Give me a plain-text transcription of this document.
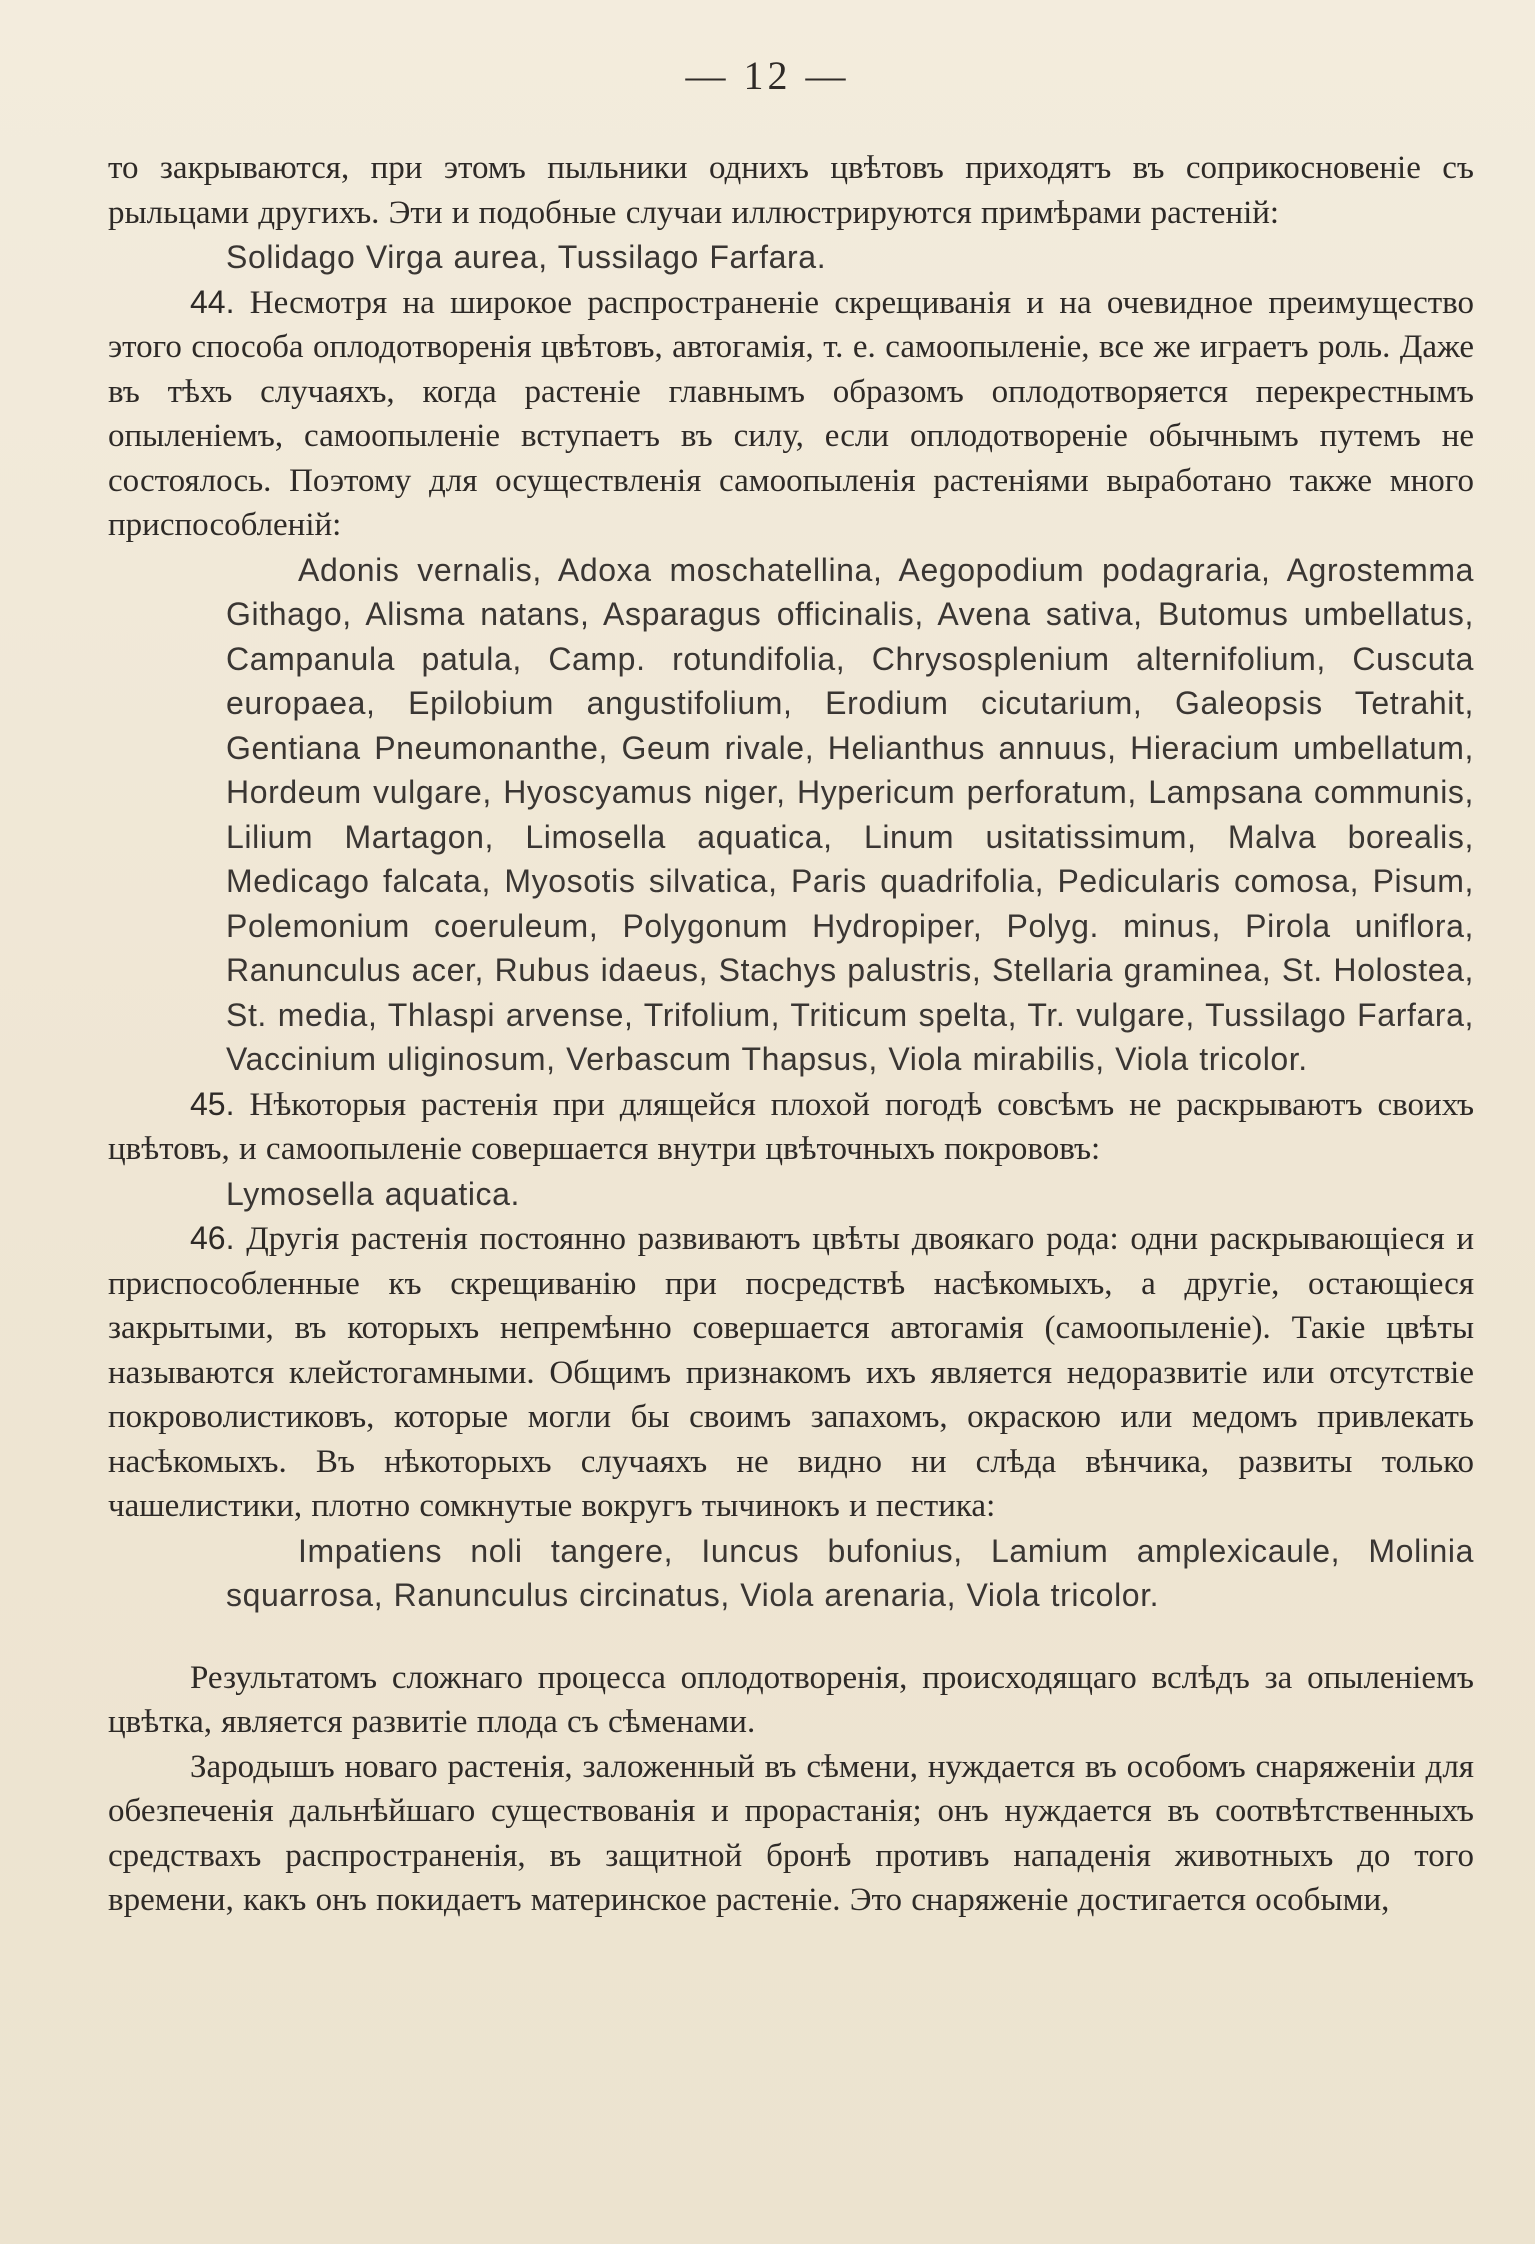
— 12 —

то закрываются, при этомъ пыльники однихъ цвѣтовъ приходятъ въ соприкосновеніе съ рыльцами другихъ. Эти и подобные случаи иллюстрируются примѣрами растеній:

Solidago Virga aurea, Tussilago Farfara.

44. Несмотря на широкое распространеніе скрещиванія и на очевидное преимущество этого способа оплодотворенія цвѣтовъ, автогамія, т. е. самоопыленіе, все же играетъ роль. Даже въ тѣхъ случаяхъ, когда растеніе главнымъ образомъ оплодотворяется перекрестнымъ опыленіемъ, самоопыленіе вступаетъ въ силу, если оплодотвореніе обычнымъ путемъ не состоялось. Поэтому для осуществленія самоопыленія растеніями выработано также много приспособленій:

Adonis vernalis, Adoxa moschatellina, Aegopodium podagraria, Agrostemma Githago, Alisma natans, Asparagus officinalis, Avena sativa, Butomus umbellatus, Campanula patula, Camp. rotundifolia, Chrysosplenium alternifolium, Cuscuta europaea, Epilobium angustifolium, Erodium cicutarium, Galeopsis Tetrahit, Gentiana Pneumonanthe, Geum rivale, Helianthus annuus, Hieracium umbellatum, Hordeum vulgare, Hyoscyamus niger, Hypericum perforatum, Lampsana communis, Lilium Martagon, Limosella aquatica, Linum usitatissimum, Malva borealis, Medicago falcata, Myosotis silvatica, Paris quadrifolia, Pedicularis comosa, Pisum, Polemonium coeruleum, Polygonum Hydropiper, Polyg. minus, Pirola uniflora, Ranunculus acer, Rubus idaeus, Stachys palustris, Stellaria graminea, St. Holostea, St. media, Thlaspi arvense, Trifolium, Triticum spelta, Tr. vulgare, Tussilago Farfara, Vaccinium uliginosum, Verbascum Thapsus, Viola mirabilis, Viola tricolor.

45. Нѣкоторыя растенія при длящейся плохой погодѣ совсѣмъ не раскрываютъ своихъ цвѣтовъ, и самоопыленіе совершается внутри цвѣточныхъ покрововъ:

Lymosella aquatica.

46. Другія растенія постоянно развиваютъ цвѣты двоякаго рода: одни раскрывающіеся и приспособленные къ скрещиванію при посредствѣ насѣкомыхъ, а другіе, остающіеся закрытыми, въ которыхъ непремѣнно совершается автогамія (самоопыленіе). Такіе цвѣты называются клейстогамными. Общимъ признакомъ ихъ является недоразвитіе или отсутствіе покроволистиковъ, которые могли бы своимъ запахомъ, окраскою или медомъ привлекать насѣкомыхъ. Въ нѣкоторыхъ случаяхъ не видно ни слѣда вѣнчика, развиты только чашелистики, плотно сомкнутые вокругъ тычинокъ и пестика:

Impatiens noli tangere, Iuncus bufonius, Lamium amplexicaule, Molinia squarrosa, Ranunculus circinatus, Viola arenaria, Viola tricolor.

Результатомъ сложнаго процесса оплодотворенія, происходящаго вслѣдъ за опыленіемъ цвѣтка, является развитіе плода съ сѣменами.

Зародышъ новаго растенія, заложенный въ сѣмени, нуждается въ особомъ снаряженіи для обезпеченія дальнѣйшаго существованія и прорастанія; онъ нуждается въ соотвѣтственныхъ средствахъ распространенія, въ защитной бронѣ противъ нападенія животныхъ до того времени, какъ онъ покидаетъ материнское растеніе. Это снаряженіе достигается особыми,
